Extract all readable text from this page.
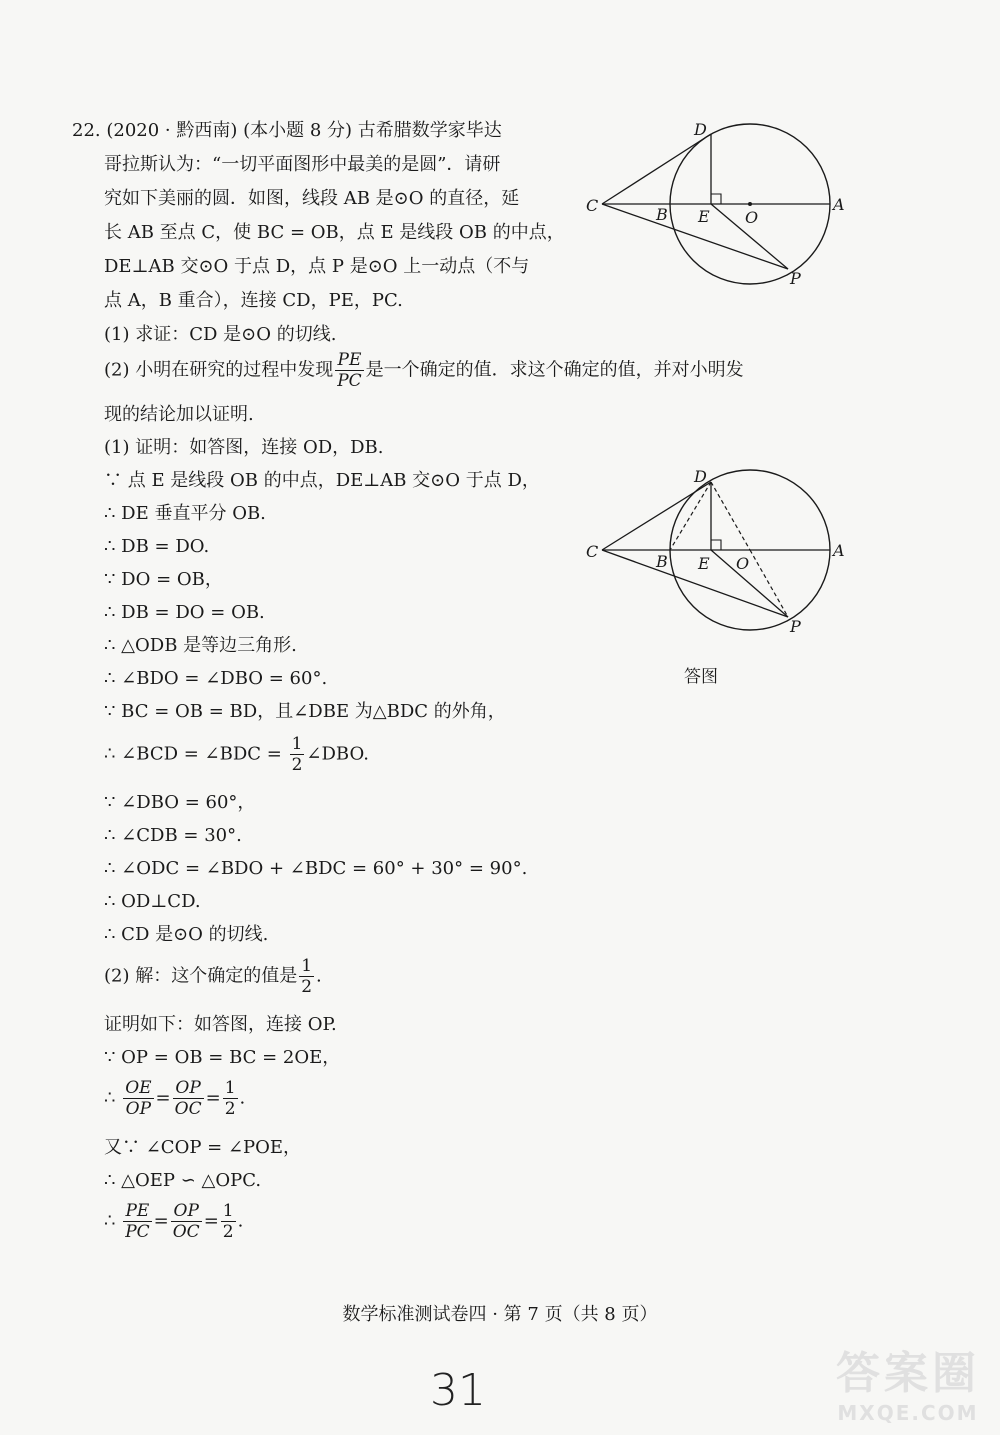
22. (2020 · 黔西南) (本小题 8 分) 古希腊数学家毕达
哥拉斯认为：“一切平面图形中最美的是圆”．请研
究如下美丽的圆．如图，线段 AB 是⊙O 的直径，延
长 AB 至点 C，使 BC = OB，点 E 是线段 OB 的中点，
DE⊥AB 交⊙O 于点 D，点 P 是⊙O 上一动点（不与
点 A，B 重合），连接 CD，PE，PC.
(1) 求证：CD 是⊙O 的切线.
(2) 小明在研究的过程中发现 $\frac{PE}{PC}$ 是一个确定的值．求这个确定的值，并对小明发
现的结论加以证明.
(1) 证明：如答图，连接 OD，DB.
∵ 点 E 是线段 OB 的中点，DE⊥AB 交⊙O 于点 D，
∴ DE 垂直平分 OB.
∴ DB = DO.
∵ DO = OB，
∴ DB = DO = OB.
∴ △ODB 是等边三角形.
∴ ∠BDO = ∠DBO = 60°.
∵ BC = OB = BD，且∠DBE 为△BDC 的外角，
∴ ∠BCD = ∠BDC = $\frac{1}{2}$ ∠DBO.
∵ ∠DBO = 60°，
∴ ∠CDB = 30°.
∴ ∠ODC = ∠BDO + ∠BDC = 60° + 30° = 90°.
∴ OD⊥CD.
∴ CD 是⊙O 的切线.
(2) 解：这个确定的值是 $\frac{1}{2}$ .
证明如下：如答图，连接 OP.
∵ OP = OB = BC = 2OE，
∴ $\frac{OE}{OP} = \frac{OP}{OC} = \frac{1}{2}$ .
又∵ ∠COP = ∠POE，
∴ △OEP ∽ △OPC.
∴ $\frac{PE}{PC} = \frac{OP}{OC} = \frac{1}{2}$ .
C	B E O
A
D
P
C
B E O
A
D
P
答图
数学标准测试卷四 · 第 7 页（共 8 页）
31	答案圈
MXQE.COM
